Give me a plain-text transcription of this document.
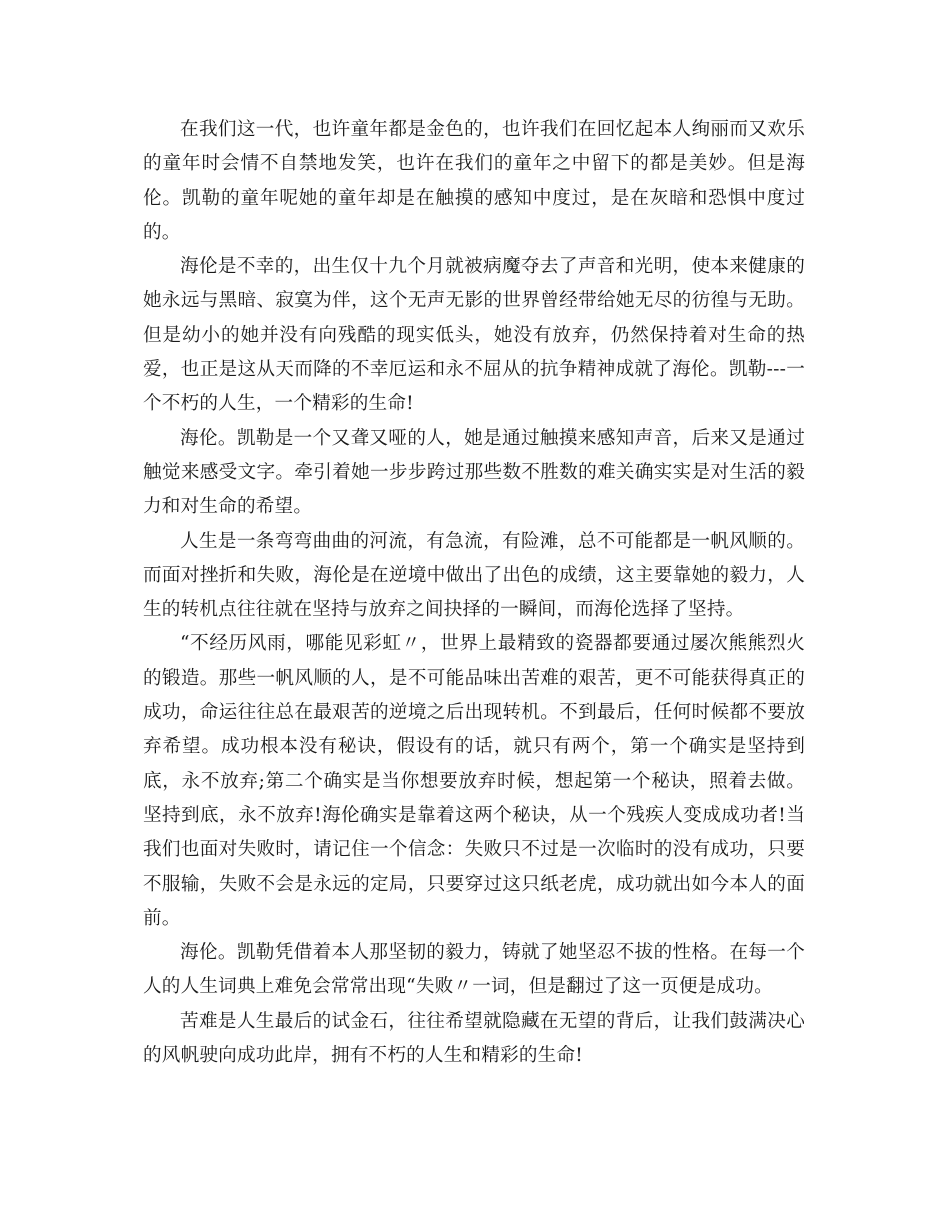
在我们这一代，也许童年都是金色的，也许我们在回忆起本人绚丽而又欢乐的童年时会情不自禁地发笑，也许在我们的童年之中留下的都是美妙。但是海伦。凯勒的童年呢她的童年却是在触摸的感知中度过，是在灰暗和恐惧中度过的。

海伦是不幸的，出生仅十九个月就被病魔夺去了声音和光明，使本来健康的她永远与黑暗、寂寞为伴，这个无声无影的世界曾经带给她无尽的彷徨与无助。但是幼小的她并没有向残酷的现实低头，她没有放弃，仍然保持着对生命的热爱，也正是这从天而降的不幸厄运和永不屈从的抗争精神成就了海伦。凯勒---一个不朽的人生，一个精彩的生命!

海伦。凯勒是一个又聋又哑的人，她是通过触摸来感知声音，后来又是通过触觉来感受文字。牵引着她一步步跨过那些数不胜数的难关确实实是对生活的毅力和对生命的希望。

人生是一条弯弯曲曲的河流，有急流，有险滩，总不可能都是一帆风顺的。而面对挫折和失败，海伦是在逆境中做出了出色的成绩，这主要靠她的毅力，人生的转机点往往就在坚持与放弃之间抉择的一瞬间，而海伦选择了坚持。

“不经历风雨，哪能见彩虹〃，世界上最精致的瓷器都要通过屡次熊熊烈火的锻造。那些一帆风顺的人，是不可能品味出苦难的艰苦，更不可能获得真正的成功，命运往往总在最艰苦的逆境之后出现转机。不到最后，任何时候都不要放弃希望。成功根本没有秘诀，假设有的话，就只有两个，第一个确实是坚持到底，永不放弃;第二个确实是当你想要放弃时候，想起第一个秘诀，照着去做。坚持到底，永不放弃!海伦确实是靠着这两个秘诀，从一个残疾人变成成功者!当我们也面对失败时，请记住一个信念：失败只不过是一次临时的没有成功，只要不服输，失败不会是永远的定局，只要穿过这只纸老虎，成功就出如今本人的面前。

海伦。凯勒凭借着本人那坚韧的毅力，铸就了她坚忍不拔的性格。在每一个人的人生词典上难免会常常出现“失败〃一词，但是翻过了这一页便是成功。

苦难是人生最后的试金石，往往希望就隐藏在无望的背后，让我们鼓满决心的风帆驶向成功此岸，拥有不朽的人生和精彩的生命!
